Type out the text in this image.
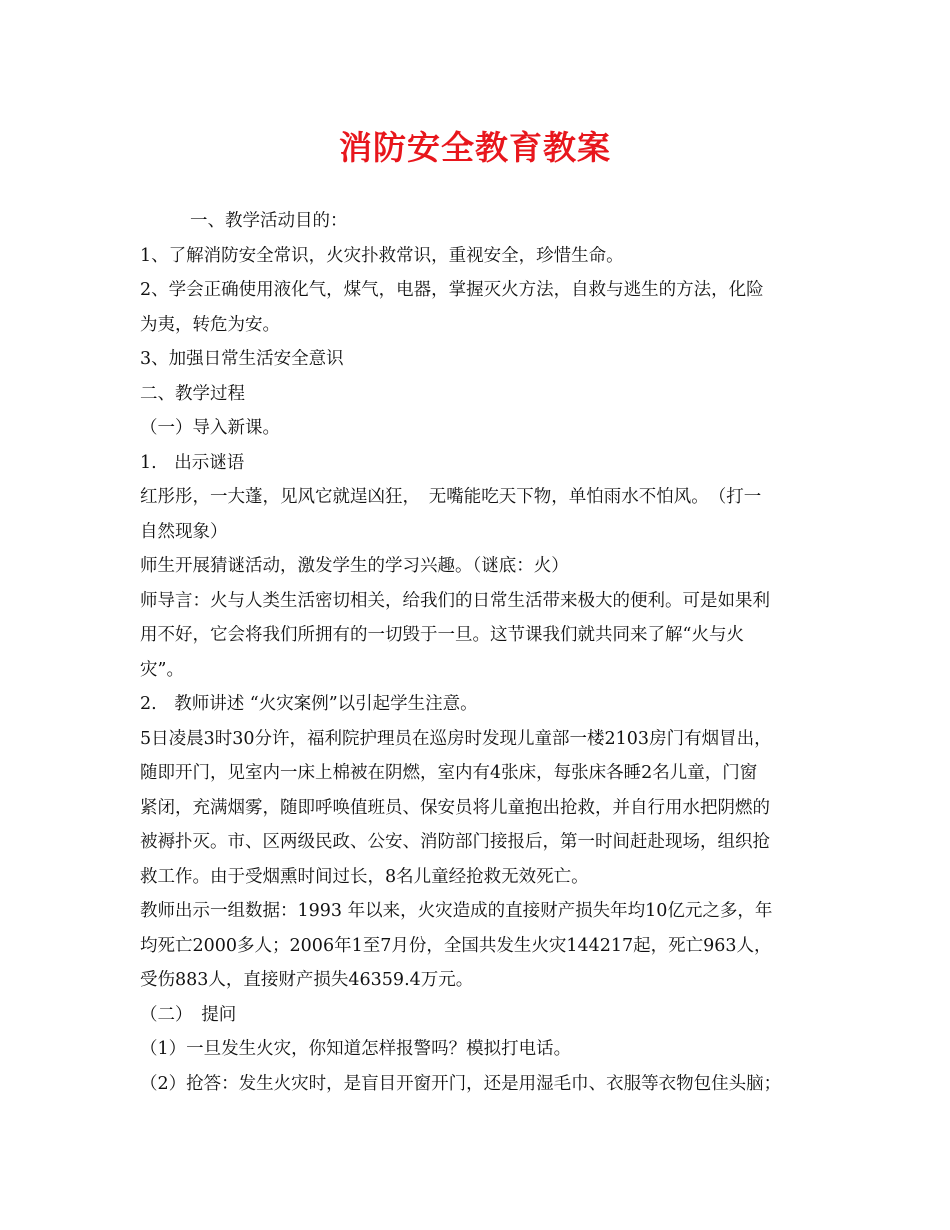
消防安全教育教案
一、教学活动目的：
1、了解消防安全常识，火灾扑救常识，重视安全，珍惜生命。
2、学会正确使用液化气，煤气，电器，掌握灭火方法，自救与逃生的方法，化险
为夷，转危为安。
3、加强日常生活安全意识
二、教学过程
（一）导入新课。
1.　出示谜语
红彤彤，一大蓬，见风它就逞凶狂，　无嘴能吃天下物，单怕雨水不怕风。　（打一
自然现象）
师生开展猜谜活动，激发学生的学习兴趣。（谜底：火）
师导言：火与人类生活密切相关，给我们的日常生活带来极大的便利。可是如果利
用不好，它会将我们所拥有的一切毁于一旦。这节课我们就共同来了解“火与火
灾”。
2.　教师讲述 “火灾案例”以引起学生注意。
5日凌晨3时30分许，福利院护理员在巡房时发现儿童部一楼2103房门有烟冒出，
随即开门，见室内一床上棉被在阴燃，室内有4张床，每张床各睡2名儿童，门窗
紧闭，充满烟雾，随即呼唤值班员、保安员将儿童抱出抢救，并自行用水把阴燃的
被褥扑灭。市、区两级民政、公安、消防部门接报后，第一时间赶赴现场，组织抢
救工作。由于受烟熏时间过长，8名儿童经抢救无效死亡。
教师出示一组数据：1993 年以来，火灾造成的直接财产损失年均10亿元之多，年
均死亡2000多人；2006年1至7月份，全国共发生火灾144217起，死亡963人，
受伤883人，直接财产损失46359.4万元。
（二）　提问
（1）一旦发生火灾，你知道怎样报警吗？模拟打电话。
（2）抢答：发生火灾时，是盲目开窗开门，还是用湿毛巾、衣服等衣物包住头脑；
